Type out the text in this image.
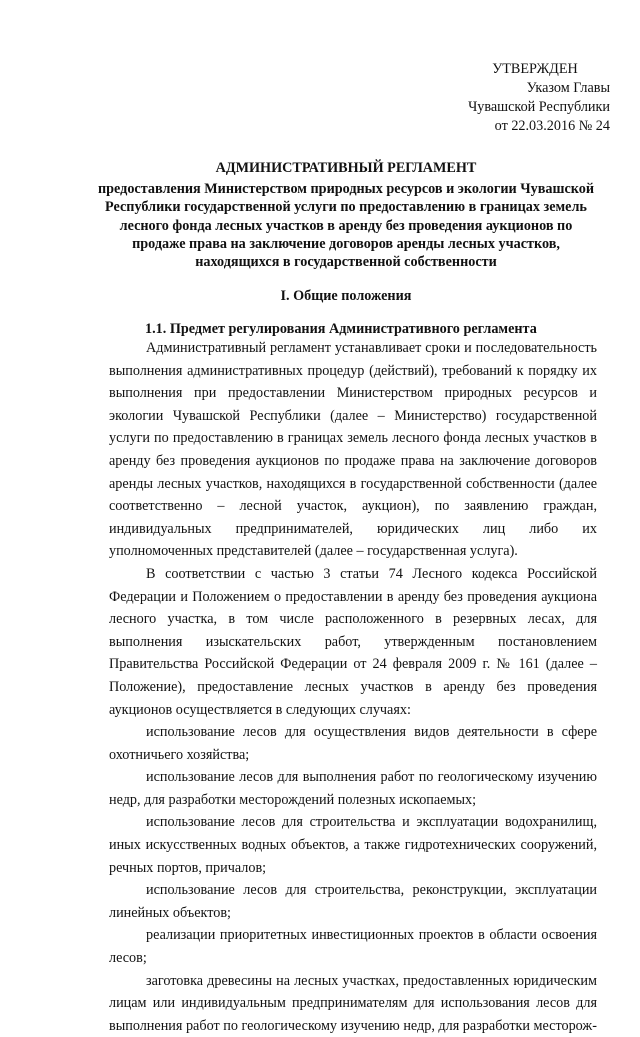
УТВЕРЖДЕН
Указом Главы
Чувашской Республики
от 22.03.2016 № 24
АДМИНИСТРАТИВНЫЙ РЕГЛАМЕНТ
предоставления Министерством природных ресурсов и экологии Чувашской Республики государственной услуги по предоставлению в границах земель лесного фонда лесных участков в аренду без проведения аукционов по продаже права на заключение договоров аренды лесных участков, находящихся в государственной собственности
I. Общие положения
1.1. Предмет регулирования Административного регламента

Административный регламент устанавливает сроки и последовательность выполнения административных процедур (действий), требований к порядку их выполнения при предоставлении Министерством природных ресурсов и экологии Чувашской Республики (далее – Министерство) государственной услуги по предоставлению в границах земель лесного фонда лесных участков в аренду без проведения аукционов по продаже права на заключение договоров аренды лесных участков, находящихся в государственной собственности (далее соответственно – лесной участок, аукцион), по заявлению граждан, индивидуальных предпринимателей, юридических лиц либо их уполномоченных представителей (далее – государственная услуга).

В соответствии с частью 3 статьи 74 Лесного кодекса Российской Федерации и Положением о предоставлении в аренду без проведения аукциона лесного участка, в том числе расположенного в резервных лесах, для выполнения изыскательских работ, утвержденным постановлением Правительства Российской Федерации от 24 февраля 2009 г. № 161 (далее – Положение), предоставление лесных участков в аренду без проведения аукционов осуществляется в следующих случаях:

использование лесов для осуществления видов деятельности в сфере охотничьего хозяйства;

использование лесов для выполнения работ по геологическому изучению недр, для разработки месторождений полезных ископаемых;

использование лесов для строительства и эксплуатации водохранилищ, иных искусственных водных объектов, а также гидротехнических сооружений, речных портов, причалов;

использование лесов для строительства, реконструкции, эксплуатации линейных объектов;

реализации приоритетных инвестиционных проектов в области освоения лесов;

заготовка древесины на лесных участках, предоставленных юридическим лицам или индивидуальным предпринимателям для использования лесов для выполнения работ по геологическому изучению недр, для разработки месторож-
